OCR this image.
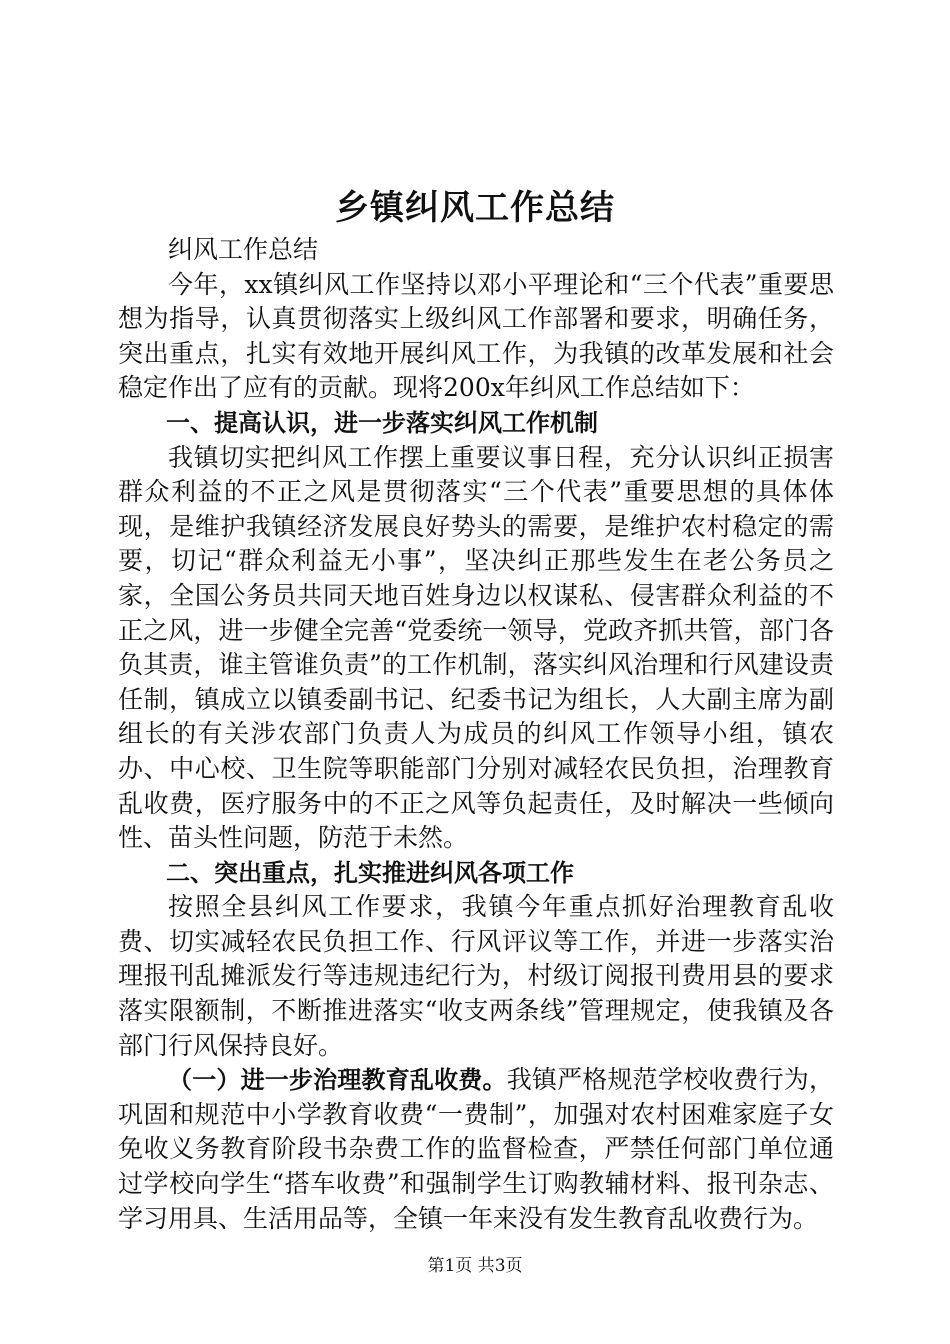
乡镇纠风工作总结

纠风工作总结

今年，xx镇纠风工作坚持以邓小平理论和“三个代表”重要思想为指导，认真贯彻落实上级纠风工作部署和要求，明确任务，突出重点，扎实有效地开展纠风工作，为我镇的改革发展和社会稳定作出了应有的贡献。现将200x年纠风工作总结如下：

一、提高认识，进一步落实纠风工作机制

我镇切实把纠风工作摆上重要议事日程，充分认识纠正损害群众利益的不正之风是贯彻落实“三个代表”重要思想的具体体现，是维护我镇经济发展良好势头的需要，是维护农村稳定的需要，切记“群众利益无小事”，坚决纠正那些发生在老公务员之家，全国公务员共同天地百姓身边以权谋私、侵害群众利益的不正之风，进一步健全完善“党委统一领导，党政齐抓共管，部门各负其责，谁主管谁负责”的工作机制，落实纠风治理和行风建设责任制，镇成立以镇委副书记、纪委书记为组长，人大副主席为副组长的有关涉农部门负责人为成员的纠风工作领导小组，镇农办、中心校、卫生院等职能部门分别对减轻农民负担，治理教育乱收费，医疗服务中的不正之风等负起责任，及时解决一些倾向性、苗头性问题，防范于未然。

二、突出重点，扎实推进纠风各项工作

按照全县纠风工作要求，我镇今年重点抓好治理教育乱收费、切实减轻农民负担工作、行风评议等工作，并进一步落实治理报刊乱摊派发行等违规违纪行为，村级订阅报刊费用县的要求落实限额制，不断推进落实“收支两条线”管理规定，使我镇及各部门行风保持良好。

（一）进一步治理教育乱收费。我镇严格规范学校收费行为，巩固和规范中小学教育收费“一费制”，加强对农村困难家庭子女免收义务教育阶段书杂费工作的监督检查，严禁任何部门单位通过学校向学生“搭车收费”和强制学生订购教辅材料、报刊杂志、学习用具、生活用品等，全镇一年来没有发生教育乱收费行为。

第1页 共3页
